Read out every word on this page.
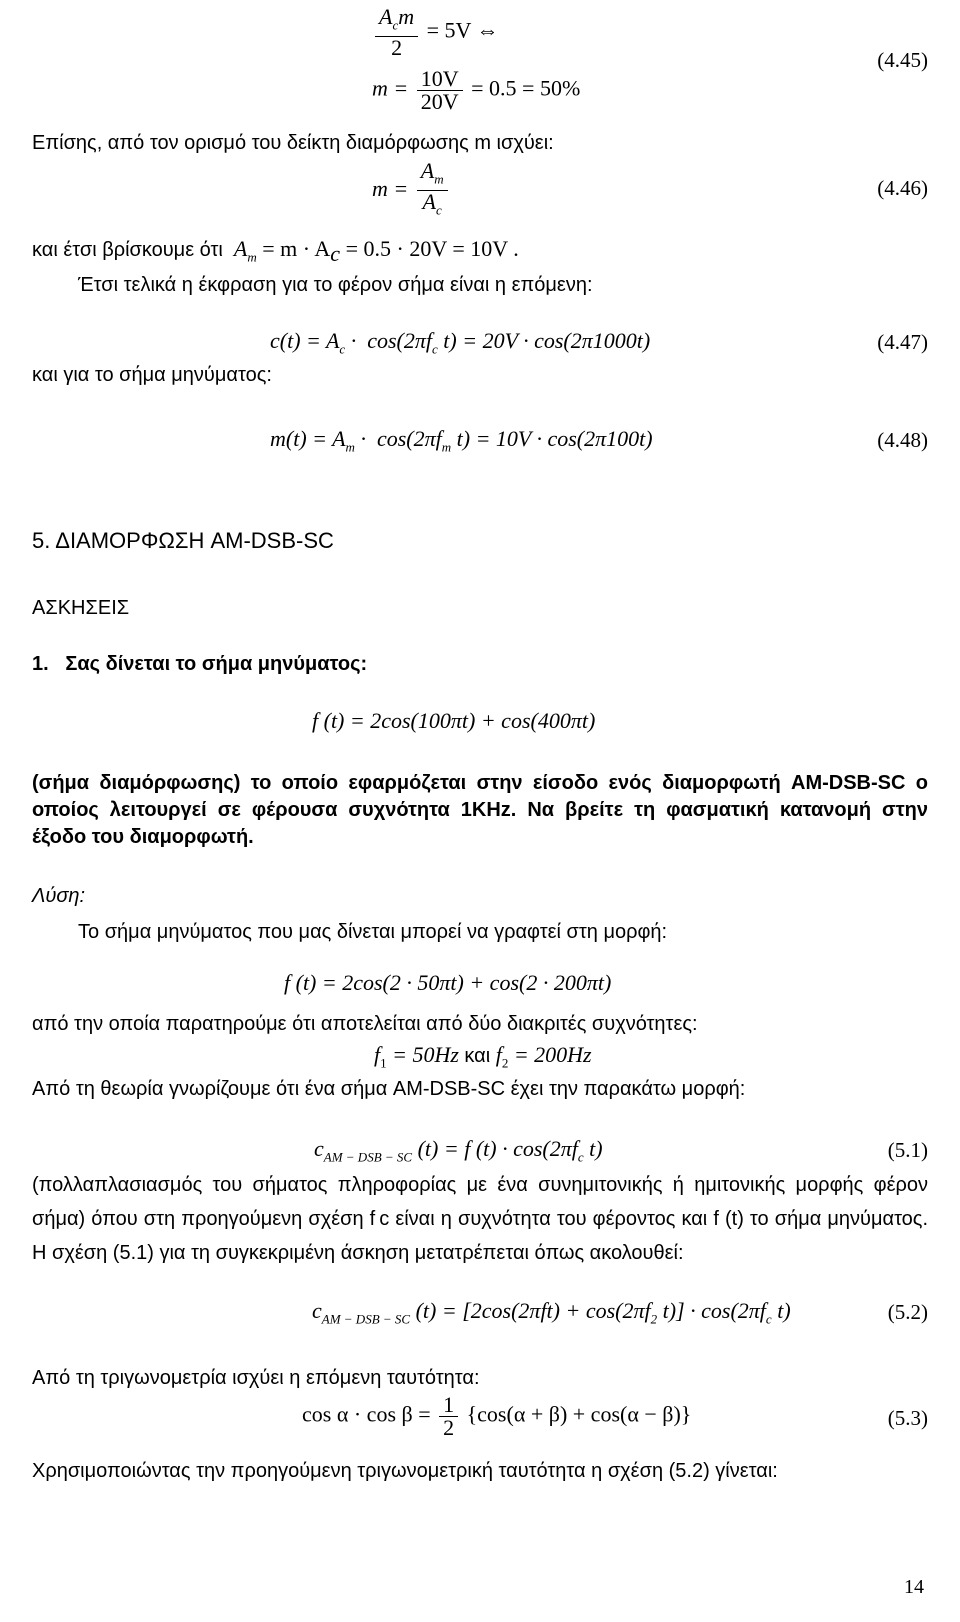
$\frac{A_cm}{2} = 5V$ ⇔
$m = \frac{10V}{20V} = 0.5 = 50\%$
(4.45)
Επίσης, από τον ορισμό του δείκτη διαμόρφωσης m ισχύει:
$m = \frac{A_m}{A_c}$	(4.46)
και έτσι βρίσκουμε ότι  $A_m = m \cdot A_c = 0.5 \cdot 20V = 10V$ .
Έτσι τελικά η έκφραση για το φέρον σήμα είναι η επόμενη:
$c(t) = A_c \cdot \cos(2\pi f_c$ t) = 20V · cos(2π1000t)	(4.47)
και για το σήμα μηνύματος:
$m(t) = A_m \cdot \cos(2\pi f_m$ t) = 10V · cos(2π100t)	(4.48)
5. ΔΙΑΜΟΡΦΩΣΗ AM-DSB-SC
ΑΣΚΗΣΕΙΣ
1.   Σας δίνεται το σήμα μηνύματος:
f (t) = 2cos(100πt) + cos(400πt)
(σήμα διαμόρφωσης) το οποίο εφαρμόζεται στην είσοδο ενός διαμορφωτή AM-DSB-SC ο οποίος λειτουργεί σε φέρουσα συχνότητα 1KHz. Να βρείτε τη φασματική κατανομή στην έξοδο του διαμορφωτή.
Λύση:
Το σήμα μηνύματος που μας δίνεται μπορεί να γραφτεί στη μορφή:
f (t) = 2cos(2 · 50πt) + cos(2 · 200πt)
από την οποία παρατηρούμε ότι αποτελείται από δύο διακριτές συχνότητες:
$f_1 = 50Hz$ και $f_2 = 200Hz$
Από τη θεωρία γνωρίζουμε ότι ένα σήμα AM-DSB-SC έχει την παρακάτω μορφή:
$c_{AM - DSB - SC}$ (t) = f $(t) \cdot \cos(2\pi f_c$ t)	(5.1)
(πολλαπλασιασμός του σήματος πληροφορίας με ένα συνημιτονικής ή ημιτονικής μορφής φέρον σήμα) όπου στη προηγούμενη σχέση f c είναι η συχνότητα του φέροντος και f (t) το σήμα μηνύματος. Η σχέση (5.1) για τη συγκεκριμένη άσκηση μετατρέπεται όπως ακολουθεί:
$c_{AM - DSB - SC}$ $(t) = [2\cos(2\pi ft) + \cos(2\pi f_2$ $t)] \cdot \cos(2\pi f_c$ t)	(5.2)
Από τη τριγωνομετρία ισχύει η επόμενη ταυτότητα:
$\cos \alpha \cdot \cos \beta = \frac{1}{2} \{\cos(\alpha + \beta) + \cos(\alpha - \beta)\}$	(5.3)
Χρησιμοποιώντας την προηγούμενη τριγωνομετρική ταυτότητα η σχέση (5.2) γίνεται:
14
